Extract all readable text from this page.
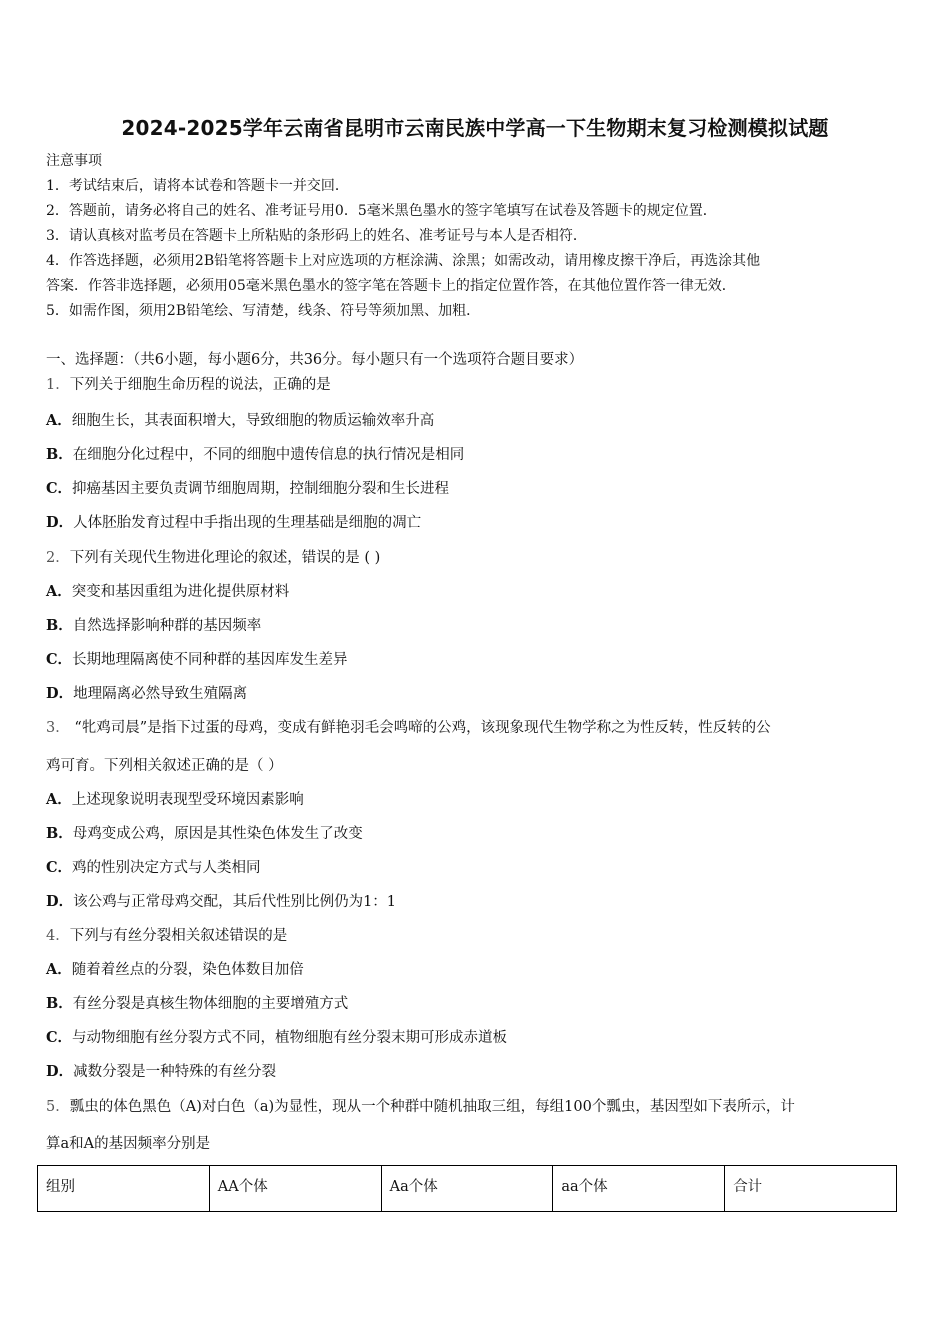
2024-2025学年云南省昆明市云南民族中学高一下生物期末复习检测模拟试题
注意事项
1．考试结束后，请将本试卷和答题卡一并交回．
2．答题前，请务必将自己的姓名、准考证号用0．5毫米黑色墨水的签字笔填写在试卷及答题卡的规定位置．
3．请认真核对监考员在答题卡上所粘贴的条形码上的姓名、准考证号与本人是否相符．
4．作答选择题，必须用2B铅笔将答题卡上对应选项的方框涂满、涂黑；如需改动，请用橡皮擦干净后，再选涂其他
答案．作答非选择题，必须用05毫米黑色墨水的签字笔在答题卡上的指定位置作答，在其他位置作答一律无效．
5．如需作图，须用2B铅笔绘、写清楚，线条、符号等须加黑、加粗．
一、选择题：（共6小题，每小题6分，共36分。每小题只有一个选项符合题目要求）
1．下列关于细胞生命历程的说法，正确的是
A．细胞生长，其表面积增大，导致细胞的物质运输效率升高
B．在细胞分化过程中，不同的细胞中遗传信息的执行情况是相同
C．抑癌基因主要负责调节细胞周期，控制细胞分裂和生长进程
D．人体胚胎发育过程中手指出现的生理基础是细胞的凋亡
2．下列有关现代生物进化理论的叙述，错误的是 ( )
A．突变和基因重组为进化提供原材料
B．自然选择影响种群的基因频率
C．长期地理隔离使不同种群的基因库发生差异
D．地理隔离必然导致生殖隔离
3． “牝鸡司晨”是指下过蛋的母鸡，变成有鲜艳羽毛会鸣啼的公鸡，该现象现代生物学称之为性反转，性反转的公
鸡可育。下列相关叙述正确的是（ ）
A．上述现象说明表现型受环境因素影响
B．母鸡变成公鸡，原因是其性染色体发生了改变
C．鸡的性别决定方式与人类相同
D．该公鸡与正常母鸡交配，其后代性别比例仍为1：1
4．下列与有丝分裂相关叙述错误的是
A．随着着丝点的分裂，染色体数目加倍
B．有丝分裂是真核生物体细胞的主要增殖方式
C．与动物细胞有丝分裂方式不同，植物细胞有丝分裂末期可形成赤道板
D．减数分裂是一种特殊的有丝分裂
5．瓢虫的体色黑色（A)对白色（a)为显性，现从一个种群中随机抽取三组，每组100个瓢虫，基因型如下表所示，计
算a和A的基因频率分别是
组别	AA个体	Aa个体	aa个体	合计
